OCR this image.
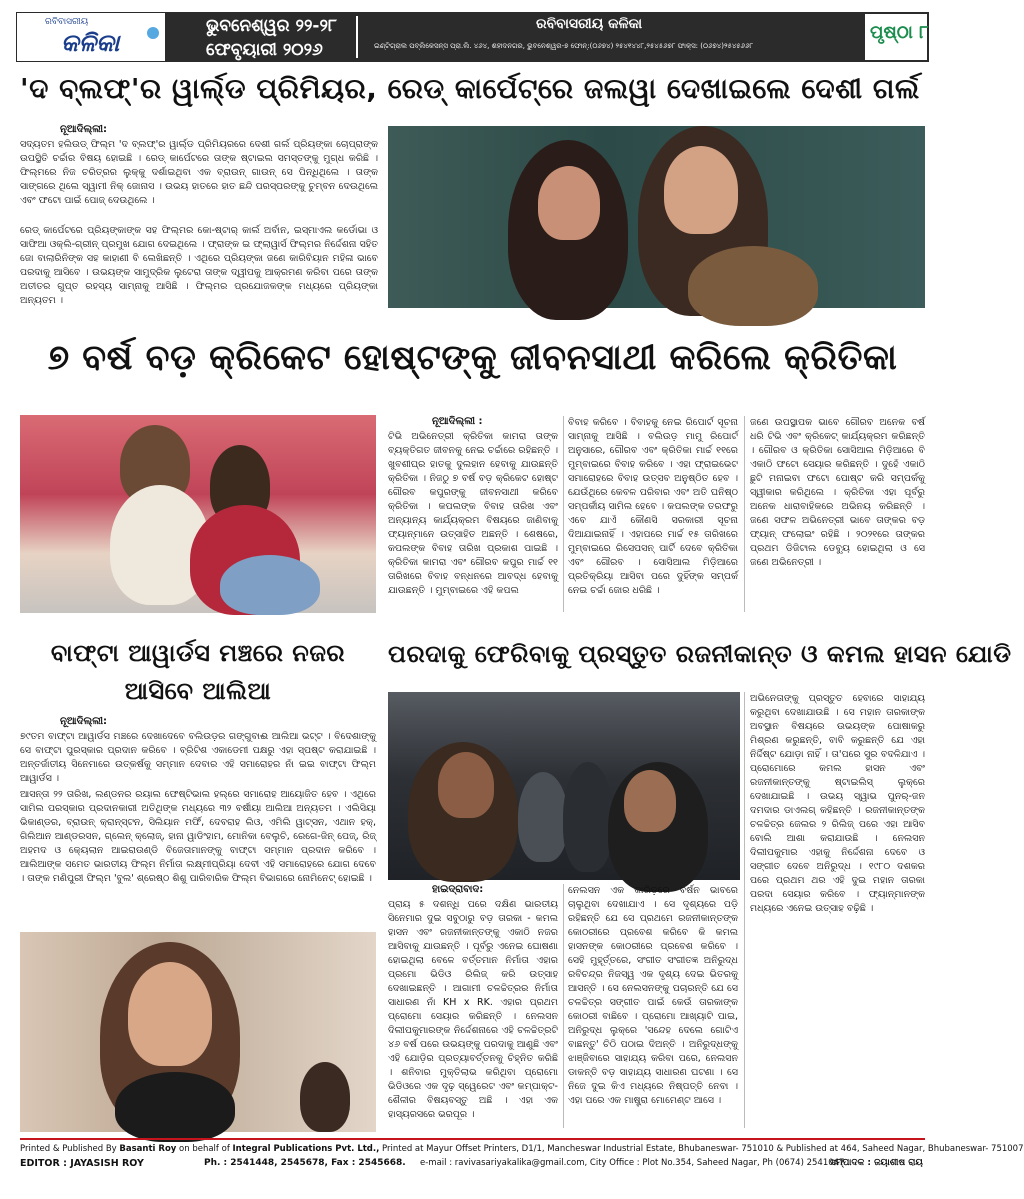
ରବିବାସରୀୟ
କଳିକା
ଭୁବନେଶ୍ୱର ୨୨-୨୮
ଫେବୃୟାରୀ ୨୦୨୬
ରବିବାସରୀୟ କଳିକା
ଇଣ୍ଟିଗ୍ରାଲ ପବ୍ଲିକେସନ୍ସ ପ୍ରା.ଲି. ୪୬୪, ଶହୀଦନଗର, ଭୁବନେଶ୍ୱର-୭ ଫୋନ୍:(୦୬୭୪) ୨୫୪୧୪୪୮,୨୫୪୫୬୭୮ ଫାକ୍ସ: (୦୬୭୪)୨୫୪୫୬୬୮
ପୃଷ୍ଠା ୮
'ଦ ବ୍ଲଫ୍'ର ୱାର୍ଲ୍ଡ ପ୍ରିମିୟର, ରେଡ୍ କାର୍ପେଟ୍‌ରେ ଜଲୱା ଦେଖାଇଲେ ଦେଶୀ ଗର୍ଲ
ନୂଆଦିଲ୍ଲୀ:
ସଦ୍ୟତମ ହଲିଉଡ୍ ଫିଲ୍ମ 'ଦ ବ୍ଲଫ୍'ର ୱାର୍ଲ୍ଡ ପ୍ରିମିୟରରେ ଦେଶୀ ଗର୍ଲ ପ୍ରିୟଙ୍କା ଚୋପ୍ରାଙ୍କ ଉପସ୍ଥିତି ଚର୍ଚ୍ଚାର ବିଷୟ ହୋଇଛି । ରେଡ୍ କାର୍ପେଟରେ ତାଙ୍କ ଷ୍ଟାଇଲ ସମସ୍ତଙ୍କୁ ମୁଗ୍ଧ କରିଛି । ଫିଲ୍ମରେ ନିଜ ଚରିତ୍ରର ଲୁକ୍‌କୁ ଦର୍ଶାଇଥିବା ଏକ ବ୍ରାଉନ୍ ଗାଉନ୍ ସେ ପିନ୍ଧିଥିଲେ । ତାଙ୍କ ସାଙ୍ଗରେ ଥିଲେ ସ୍ୱାମୀ ନିକ୍ ଜୋନାସ । ଉଭୟ ହାତରେ ହାତ ଛନ୍ଦି ପରସ୍ପରଙ୍କୁ ଚୁମ୍ବନ ଦେଉଥିଲେ ଏବଂ ଫଟୋ ପାଇଁ ପୋଜ୍ ଦେଉଥିଲେ ।
ରେଡ୍ କାର୍ପେଟରେ ପ୍ରିୟଙ୍କାଙ୍କ ସହ ଫିଲ୍ମର କୋ-ଷ୍ଟାର୍ କାର୍ଲ ଅର୍ବାନ, ଇସ୍ମାଏଲ କର୍ଡୋଭା ଓ ସାଫିଆ ଓକ୍ଲି-ଗ୍ରୀନ୍ ପ୍ରମୁଖ ଯୋଗ ଦେଇଥିଲେ । ଫ୍ରାଙ୍କ ଇ ଫ୍ଲାୱାର୍ସ ଫିଲ୍ମର ନିର୍ଦ୍ଦେଶନା ସହିତ ଜୋ ବାଲାରିନିଙ୍କ ସହ କାହାଣୀ ବି ଲେଖିଛନ୍ତି । ଏଥିରେ ପ୍ରିୟଙ୍କା ଜଣେ କାରିବିୟାନ ମହିଳା ଭାବେ ପରଦାକୁ ଆସିବେ । ଉଭୟଙ୍କ ସାମୁଦ୍ରିକ ଲୁଟେରା ତାଙ୍କ ଦ୍ୱୀପକୁ ଆକ୍ରମଣ କରିବା ପରେ ତାଙ୍କ ଅତୀତର ଗୁପ୍ତ ରହସ୍ୟ ସାମ୍ନାକୁ ଆସିଛି । ଫିଲ୍ମର ପ୍ରଯୋଜକଙ୍କ ମଧ୍ୟରେ ପ୍ରିୟଙ୍କା ଅନ୍ୟତମ ।
୭ ବର୍ଷ ବଡ଼ କ୍ରିକେଟ ହୋଷ୍ଟଙ୍କୁ ଜୀବନସାଥୀ କରିଲେ କ୍ରିତିକା
ନୂଆଦିଲ୍ଲୀ :
ଟିଭି ଅଭିନେତ୍ରୀ କ୍ରିତିକା କାମରା ତାଙ୍କ ବ୍ୟକ୍ତିଗତ ଜୀବନକୁ ନେଇ ଚର୍ଚ୍ଚାରେ ରହିଛନ୍ତି । ଖୁବଶୀଘ୍ର ହାତକୁ ଦୁଲହାନ ହେବାକୁ ଯାଉଛନ୍ତି କ୍ରିତିକା । ନିଜଠୁ ୭ ବର୍ଷ ବଡ଼ କ୍ରିକେଟ ହୋଷ୍ଟ ଗୌରବ କପୁରଙ୍କୁ ଜୀବନସାଥୀ କରିବେ କ୍ରିତିକା । କପଲଙ୍କ ବିବାହ ତାରିଖ ଏବଂ ଅନ୍ୟାନ୍ୟ କାର୍ଯ୍ୟକ୍ରମ ବିଷୟରେ ଜାଣିବାକୁ ଫ୍ୟାନ୍‌ମାନେ ଉତ୍ସାହିତ ଅଛନ୍ତି । ଶେଷରେ, କପଲଙ୍କ ବିବାହ ତାରିଖ ପ୍ରକାଶ ପାଇଛି । କ୍ରିତିକା କାମରା ଏବଂ ଗୌରବ କପୁର ମାର୍ଚ୍ଚ ୧୧ ତାରିଖରେ ବିବାହ ବନ୍ଧନରେ ଆବଦ୍ଧ ହେବାକୁ ଯାଉଛନ୍ତି । ମୁମ୍ବାଇରେ ଏହି କପଲ
ବିବାହ କରିବେ । ବିବାହକୁ ନେଇ ରିପୋର୍ଟ ସୂଚନା ସାମ୍ନାକୁ ଆସିଛି । ବଲିଉଡ଼ ମାମୁ ରିପୋର୍ଟ ଅନୁସାରେ, ଗୌରବ ଏବଂ କ୍ରିତିକା ମାର୍ଚ୍ଚ ୧୧ରେ ମୁମ୍ବାଇରେ ବିବାହ କରିବେ । ଏହା ଫ୍ରାଇଭେଟ ସମାରୋହରେ ବିବାହ ଉତ୍ସବ ଅନୁଷ୍ଠିତ ହେବ । ଯେଉଁଥିରେ କେବଳ ପରିବାର ଏବଂ ଅତି ଘନିଷ୍ଠ ସମ୍ପର୍କୀୟ ସାମିଲ ହେବେ । କପଲଙ୍କ ତରଫରୁ ଏବେ ଯାଏଁ କୌଣସି ସରକାରୀ ସୂଚନା ଦିଆଯାଇନାହିଁ । ଏହାପରେ ମାର୍ଚ୍ଚ ୧୫ ତାରିଖରେ ମୁମ୍ବାଇରେ ରିସେପସନ୍ ପାର୍ଟି ଦେବେ କ୍ରିତିକା ଏବଂ ଗୌରବ । ସୋସିଆଲ ମିଡ଼ିଆରେ ପ୍ରତିକ୍ରିୟା ଆସିବା ପରେ ଦୁହିଁଙ୍କ ସମ୍ପର୍କ ନେଇ ଚର୍ଚ୍ଚା ଜୋର ଧରିଛି ।
ଜଣେ ଉପସ୍ଥାପକ ଭାବେ ଗୌରବ ଅନେକ ବର୍ଷ ଧରି ଟିଭି ଏବଂ କ୍ରିକେଟ୍ କାର୍ଯ୍ୟକ୍ରମ କରିଛନ୍ତି । ଗୌରବ ଓ କ୍ରିତିକା ସୋସିଆଲ ମିଡ଼ିଆରେ ବି ଏକାଠି ଫଟୋ ସେୟାର କରିଛନ୍ତି । ଦୁହେଁ ଏକାଠି ଛୁଟି ମନାଇବା ଫଟୋ ପୋଷ୍ଟ କରି ସମ୍ପର୍କକୁ ସ୍ୱୀକାର କରିଥିଲେ । କ୍ରିତିକା ଏହା ପୂର୍ବରୁ ଅନେକ ଧାରାବାହିକରେ ଅଭିନୟ କରିଛନ୍ତି । ଜଣେ ସଫଳ ଅଭିନେତ୍ରୀ ଭାବେ ତାଙ୍କର ବଡ଼ ଫ୍ୟାନ୍ ଫଲୋଇଂ ରହିଛି । ୨୦୨୧ରେ ତାଙ୍କର ପ୍ରଥମ ଡିଜିଟାଲ ଡେବ୍ୟୁ ହୋଇଥିଲା ଓ ସେ ଜଣେ ଅଭିନେତ୍ରୀ ।
ବାଫ୍ଟା ଆୱାର୍ଡସ ମଞ୍ଚରେ ନଜର ଆସିବେ ଆଲିଆ
ନୂଆଦିଲ୍ଲୀ:
୭୯ତମ ବାଫ୍ଟା ଆୱାର୍ଡସ ମଞ୍ଚରେ ଦେଖାଦେବେ ବଲିଉଡ଼ର ଗଙ୍ଗୁବାଈ ଆଲିଆ ଭଟ୍ଟ । ବିଦେଶାଙ୍କୁ ସେ ବାଫ୍ଟା ପୁରସ୍କାର ପ୍ରଦାନ କରିବେ । ବ୍ରିଟିଶ ଏକାଡେମୀ ପକ୍ଷରୁ ଏହା ସ୍ପଷ୍ଟ କରାଯାଇଛି । ଅନ୍ତର୍ଜାତୀୟ ସିନେମାରେ ଉତ୍କର୍ଷକୁ ସମ୍ମାନ ଦେବାର ଏହି ସମାରୋହର ନାଁ ଇଇ ବାଫ୍ଟା ଫିଲ୍ମ ଆୱାର୍ଡସ ।
ଆସନ୍ତା ୨୨ ତାରିଖ, ଲଣ୍ଡନର ରୟାଲ ଫେଷ୍ଟିଭାଲ ହଲ୍‌ରେ ସମାରୋହ ଆୟୋଜିତ ହେବ । ଏଥିରେ ସାମିଲ ପରସ୍କାର ପ୍ରଦାନକାରୀ ଅତିଥିଙ୍କ ମଧ୍ୟରେ ୩୨ ବର୍ଷୀୟା ଆଲିଆ ଅନ୍ୟତମ । ଏଲିସିୟା ଭିକାଣ୍ଡର, ବ୍ରାଉନ୍ କ୍ରାନ୍‌ସ୍ଟନ, ସିଲିୟାନ ମର୍ଫି, ଦେବରାହ ଲିଓ, ଏମିଲି ୱାଟ୍ସନ, ଏଥାନ ହକ୍, ଗିଲିଆନ ଆଣ୍ଡରସନ, ଗ୍ଲେନ୍ କ୍ଲୋଜ୍, ହାନା ୱାଡିଂହାମ, ମୋନିକା ବେଲୁଚି, ରେଗେ-ଜିନ୍ ପେଜ୍, ରିଜ୍ ଅହମଦ ଓ କ୍ୟେଲାନ ଆଇରାଉଣ୍ଡି ବିଜେତାମାନଙ୍କୁ ବାଫ୍ଟା ସମ୍ମାନ ପ୍ରଦାନ କରିବେ । ଆଲିଆଙ୍କ ସମେତ ଭାରତୀୟ ଫିଲ୍ମ ନିର୍ମାତା ଲକ୍ଷ୍ମୀପ୍ରିୟା ଦେବୀ ଏହି ସମାରୋହରେ ଯୋଗ ଦେବେ । ତାଙ୍କ ମଣିପୁରୀ ଫିଲ୍ମ 'ବୁଲ' ଶ୍ରେଷ୍ଠ ଶିଶୁ ପାରିବାରିକ ଫିଲ୍ମ ବିଭାଗରେ ନୋମିନେଟ୍ ହୋଇଛି ।
ପରଦାକୁ ଫେରିବାକୁ ପ୍ରସ୍ତୁତ ରଜନୀକାନ୍ତ ଓ କମଲ ହାସନ ଯୋଡି
ଅଭିନେତାଙ୍କୁ ପ୍ରସ୍ତୁତ ହେବାରେ ସାହାଯ୍ୟ କରୁଥିବା ଦେଖାଯାଉଛି । ସେ ମହାନ ତାରକାଙ୍କ ଅବସ୍ଥାନ ବିଷୟରେ ଉଭୟଙ୍କ ପୋଷାକରୁ ମିଶ୍ରଣ କରୁଛନ୍ତି, ବାବି କରୁଛନ୍ତି ଯେ ଏହା ନିର୍ଦ୍ଦିଷ୍ଟ ଯୋଡ଼ା ନାହିଁ । ତା'ପରେ ସୁର ବଦଳିଯାଏ । ପ୍ରୋମୋରେ କମଲ ହାସନ ଏବଂ ରଜନୀକାନ୍ତଙ୍କୁ ଷ୍ଟାଇଲିସ୍ ଲୁକ୍‌ରେ ଦେଖାଯାଇଛି । ଉଭୟ ସ୍ୱାଭ ପୁନର୍-ଜନ ଦମଦାର ଡାଏଲଗ୍ କହିଛନ୍ତି । ରଜନୀକାନ୍ତଙ୍କ ଚଳଚ୍ଚିତ୍ର ଜେଲର ୨ ରିଲିଜ୍ ପରେ ଏହା ଆସିବ ବୋଲି ଆଶା କରାଯାଉଛି । ନେଲସନ ଦିଲୀପକୁମାର ଏହାକୁ ନିର୍ଦ୍ଦେଶନା ଦେବେ ଓ ସଙ୍ଗୀତ ଦେବେ ଅନିରୁଦ୍ଧ । ୧୯୮୦ ଦଶକର ପରେ ପ୍ରଥମ ଥର ଏହି ଦୁଇ ମହାନ ତାରକା ପରଦା ସେୟାର କରିବେ । ଫ୍ୟାନ୍‌ମାନଙ୍କ ମଧ୍ୟରେ ଏନେଇ ଉତ୍ସାହ ବଢ଼ିଛି ।
ହାଇଦ୍ରାବାଦ:
ପ୍ରାୟ ୫ ଦଶନ୍ଧି ପରେ ଦକ୍ଷିଣ ଭାରତୀୟ ସିନେମାର ଦୁଇ ସବୁଠାରୁ ବଡ଼ ତାରକା - କମଲ ହାସନ ଏବଂ ରଜନୀକାନ୍ତଙ୍କୁ ଏକାଠି ନଜର ଆସିବାକୁ ଯାଉଛନ୍ତି । ପୂର୍ବରୁ ଏନେଇ ଘୋଷଣା ହୋଇଥିଲା ବେଳେ ବର୍ତ୍ତମାନ ନିର୍ମାତା ଏହାର ପ୍ରମୋ ଭିଡିଓ ରିଲିଜ୍ କରି ଉତ୍ସାହ ଦେଖାଇଛନ୍ତି । ଆଗାମୀ ଚଳଚ୍ଚିତ୍ରର ନିର୍ମାତା ସାଧାରଣ ନାଁ KH x RK. ଏହାର ପ୍ରଥମ ପ୍ରୋମୋ ସେୟାର କରିଛନ୍ତି । ନେଲସନ ଦିଲୀପକୁମାରଙ୍କ ନିର୍ଦ୍ଦେଶନାରେ ଏହି ଚଳଚ୍ଚିତ୍ରଟି ୪୬ ବର୍ଷ ପରେ ଉଭୟଙ୍କୁ ପରଦାକୁ ଆଣୁଛି ଏବଂ ଏହି ଯୋଡ଼ିର ପ୍ରତ୍ୟାବର୍ତ୍ତନକୁ ଚିହ୍ନିତ କରିଛି । ଶନିବାର ମୁକ୍ତିଲାଭ କରିଥିବା ପ୍ରୋମୋ ଭିଡିଓରେ ଏକ ଦୃଢ଼ ସ୍ୱେରେଟ ଏବଂ କମ୍ପାକ୍ଟ-ଶୈଳୀର ବିଷୟବସ୍ତୁ ଅଛି । ଏହା ଏକ ହାସ୍ୟରସରେ ଭରପୂର ।
ନେଲସନ ଏକ କାରିଡ଼ରେ ବର୍ଷନ ଭାବରେ ଚାଲୁଥିବା ଦେଖାଯାଏ । ସେ ଦୃଶ୍ୟରେ ପଡ଼ି ରହିଛନ୍ତି ଯେ ସେ ପ୍ରଥମେ ରଜନୀକାନ୍ତଙ୍କ କୋଠରୀରେ ପ୍ରବେଶ କରିବେ କି କମଲ ହାସନଙ୍କ କୋଠରୀରେ ପ୍ରବେଶ କରିବେ । ସେହି ମୁହୂର୍ତ୍ତରେ, ସଂଗୀତ ସଂଗୀତଜ୍ଞ ଅନିରୁଦ୍ଧ ରବିଚନ୍ଦ୍ର ନିଜସ୍ୱ ଏକ ଦୃଶ୍ୟ ଦେଇ ଭିତରକୁ ଆସନ୍ତି । ସେ ନେଲସନଙ୍କୁ ପଚାରନ୍ତି ଯେ ସେ ଚଳଚ୍ଚିତ୍ର ସଙ୍ଗୀତ ପାଇଁ କେଉଁ ତାରକାଙ୍କ କୋଠରୀ ବାଛିବେ । ପ୍ରୋମୋ ଆଖ୍ୟାଟି ପାଇ, ଅନିରୁଦ୍ଧ ଲୁକ୍‌ରେ 'ସନ୍ଦେହ ଦେଲେ ଗୋଟିଏ ବାଛନ୍ତୁ' ଚିଠି ପଠାଇ ଦିଅନ୍ତି । ଅନିରୁଦ୍ଧଙ୍କୁ ଝାଞ୍ଜିବାରେ ସାହାଯ୍ୟ କରିବା ପରେ, ନେଲସନ ଡାକନ୍ତି ବଡ଼ ସାହାଯ୍ୟ ସାଧାରଣ ଘଟଣା । ସେ ନିଜେ ଦୁଇ କିଏ ମଧ୍ୟରେ ନିଷ୍ପତ୍ତି ନେବା । ଏହା ପରେ ଏକ ମାଷ୍ଟ୍ରା ମୋମେଣ୍ଟ ଆସେ ।
Printed & Published By Basanti Roy on behalf of Integral Publications Pvt. Ltd., Printed at Mayur Offset Printers, D1/1, Mancheswar Industrial Estate, Bhubaneswar- 751010 & Published at 464, Saheed Nagar, Bhubaneswar- 751007
EDITOR : JAYASISH ROY	Ph. : 2541448, 2545678, Fax : 2545668. e-mail : ravivasariyakalika@gmail.com, City Office : Plot No.354, Saheed Nagar, Ph (0674) 2541047
ସମ୍ପାଦକ : ଜୟାଶୀଷ ରାୟ
